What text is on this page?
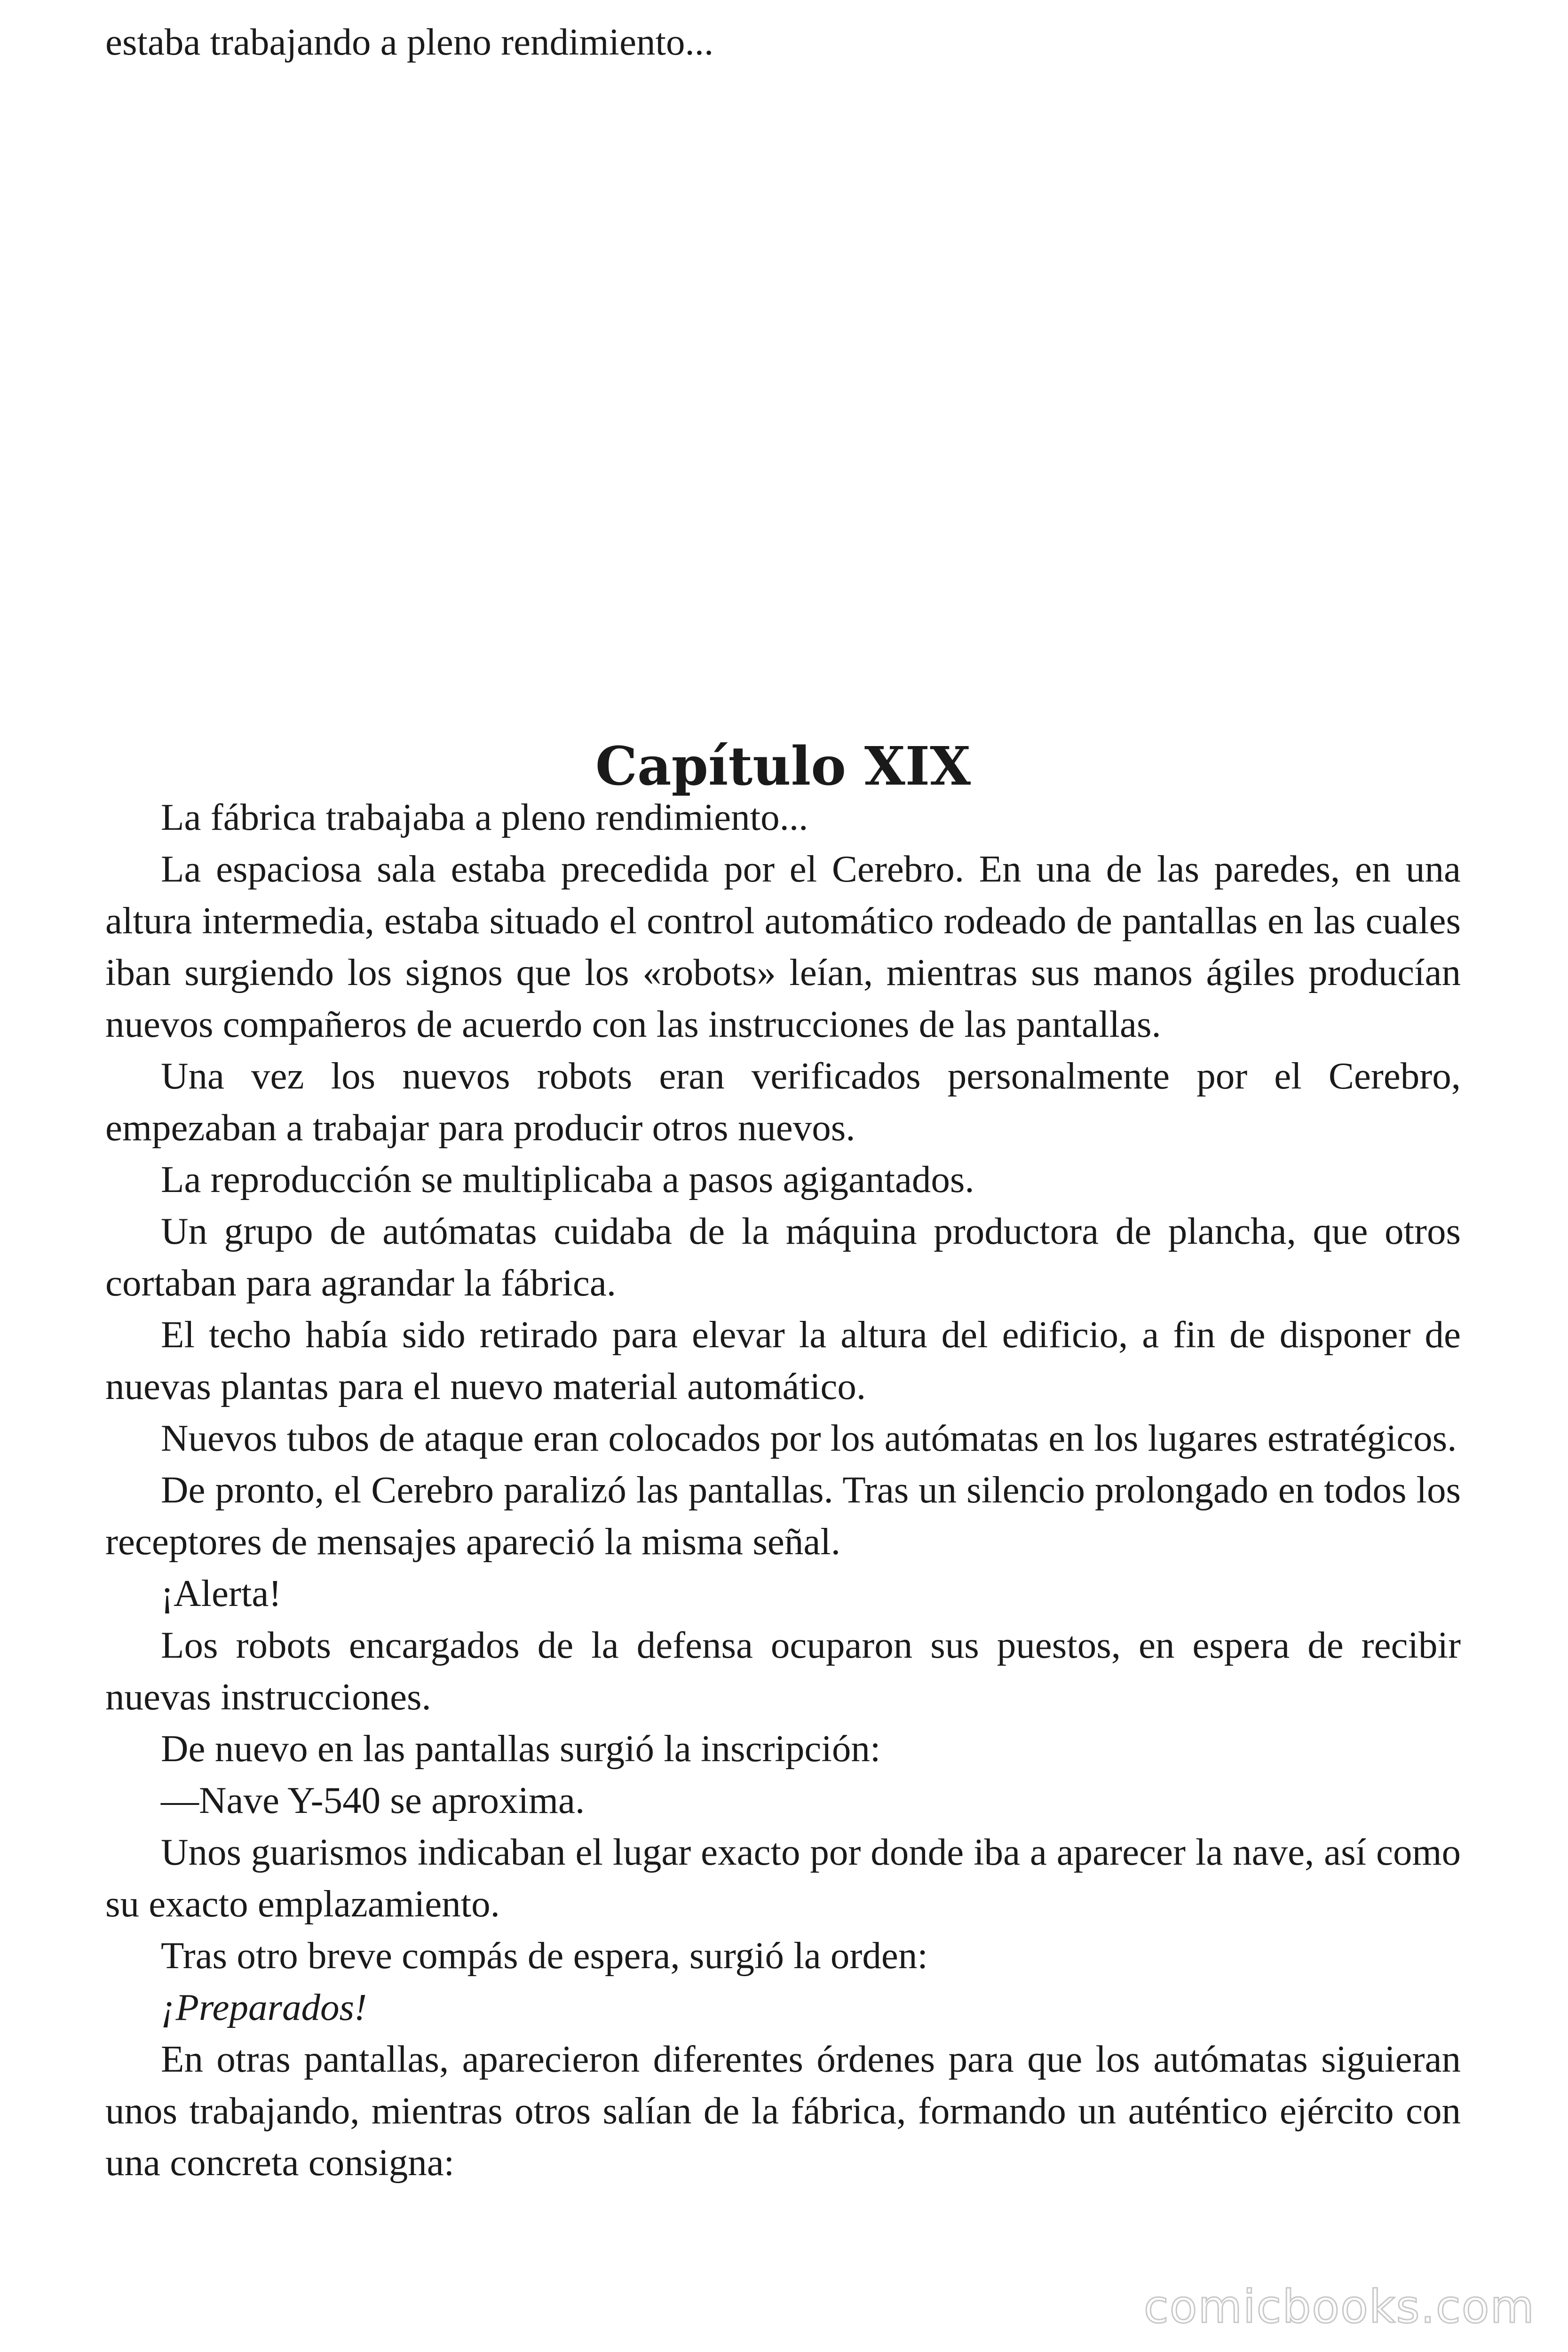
estaba trabajando a pleno rendimiento...
Capítulo XIX

La fábrica trabajaba a pleno rendimiento...

La espaciosa sala estaba precedida por el Cerebro. En una de las paredes, en una altura intermedia, estaba situado el control automático rodeado de pantallas en las cuales iban surgiendo los signos que los «robots» leían, mientras sus manos ágiles producían nuevos compañeros de acuerdo con las instrucciones de las pantallas.

Una vez los nuevos robots eran verificados personalmente por el Cerebro, empezaban a trabajar para producir otros nuevos.

La reproducción se multiplicaba a pasos agigantados.

Un grupo de autómatas cuidaba de la máquina productora de plancha, que otros cortaban para agrandar la fábrica.

El techo había sido retirado para elevar la altura del edificio, a fin de disponer de nuevas plantas para el nuevo material automático.

Nuevos tubos de ataque eran colocados por los autómatas en los lugares estratégicos.

De pronto, el Cerebro paralizó las pantallas. Tras un silencio prolongado en todos los receptores de mensajes apareció la misma señal.

¡Alerta!

Los robots encargados de la defensa ocuparon sus puestos, en espera de recibir nuevas instrucciones.

De nuevo en las pantallas surgió la inscripción:

—Nave Y-540 se aproxima.

Unos guarismos indicaban el lugar exacto por donde iba a aparecer la nave, así como su exacto emplazamiento.

Tras otro breve compás de espera, surgió la orden:

¡Preparados!

En otras pantallas, aparecieron diferentes órdenes para que los autómatas siguieran unos trabajando, mientras otros salían de la fábrica, formando un auténtico ejército con una concreta consigna:

comicbooks.com
